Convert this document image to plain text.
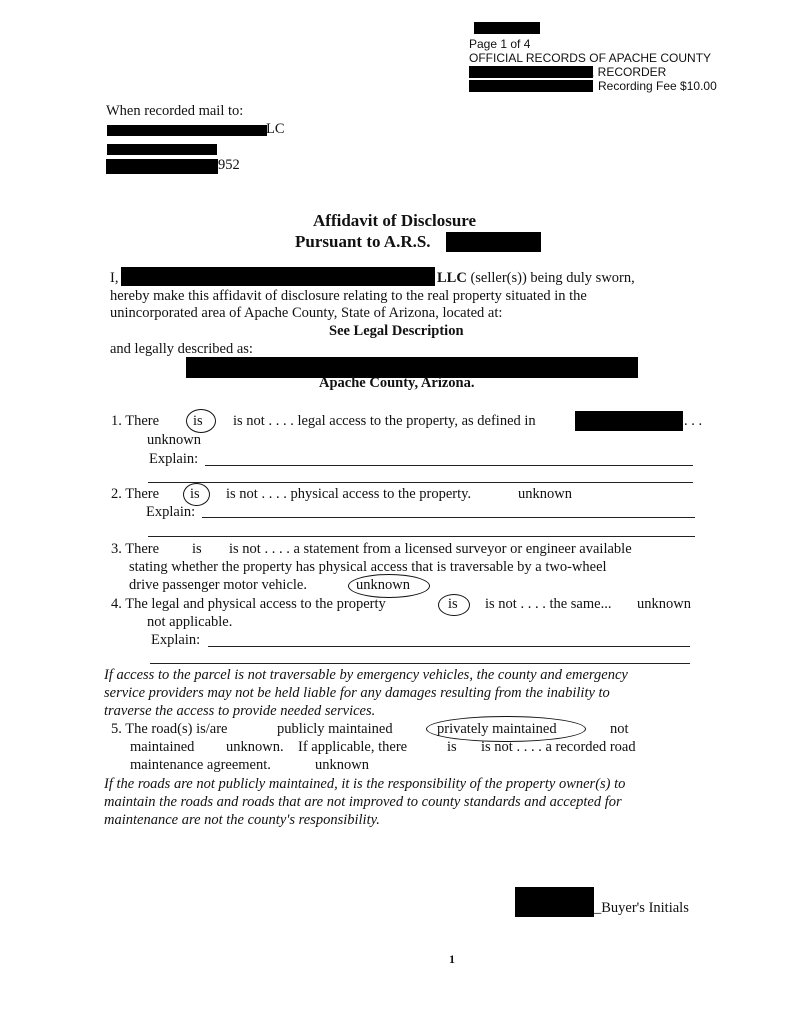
Page 1 of 4
OFFICIAL RECORDS OF APACHE COUNTY
, RECORDER
Recording Fee $10.00
When recorded mail to:
LC
952
Affidavit of Disclosure
Pursuant to A.R.S.
I,	LLC (seller(s)) being duly sworn,
hereby make this affidavit of disclosure relating to the real property situated in the
unincorporated area of Apache County, State of Arizona, located at:
See Legal Description
and legally described as:
Apache County, Arizona.
1. There is is not . . . . legal access to the property, as defined in	. . .
unknown
Explain:
2. There is is not . . . . physical access to the property.	unknown
Explain:
3. There is is not . . . . a statement from a licensed surveyor or engineer available
stating whether the property has physical access that is traversable by a two-wheel
drive passenger motor vehicle.	unknown
4. The legal and physical access to the property	is is not . . . . the same... unknown
not applicable.
Explain:
If access to the parcel is not traversable by emergency vehicles, the county and emergency
service providers may not be held liable for any damages resulting from the inability to
traverse the access to provide needed services.
5. The road(s) is/are	publicly maintained	privately maintained	not
maintained unknown. If applicable, there	is is not . . . . a recorded road
maintenance agreement.	unknown
If the roads are not publicly maintained, it is the responsibility of the property owner(s) to
maintain the roads and roads that are not improved to county standards and accepted for
maintenance are not the county's responsibility.
_Buyer's Initials
1
